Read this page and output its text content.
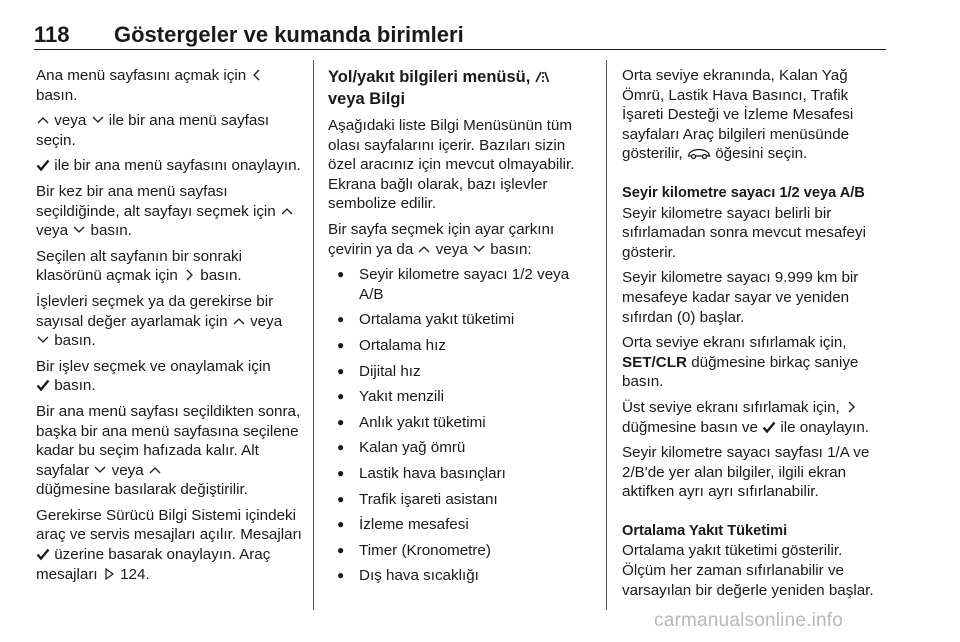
118 Göstergeler ve kumanda birimleri

Ana menü sayfasını açmak için

basın.

veya
ile bir ana menü sayfası seçin.

ile bir ana menü sayfasını onaylayın.

Bir kez bir ana menü sayfası seçildiğinde, alt sayfayı seçmek için
veya
basın.

Seçilen alt sayfanın bir sonraki klasörünü açmak için
basın.

İşlevleri seçmek ya da gerekirse bir sayısal değer ayarlamak için
veya

basın.

Bir işlev seçmek ve onaylamak için

basın.

Bir ana menü sayfası seçildikten sonra, başka bir ana menü sayfasına seçilene kadar bu seçim hafızada kalır. Alt sayfalar
veya

düğmesine basılarak değiştirilir.

Gerekirse Sürücü Bilgi Sistemi içindeki araç ve servis mesajları açılır. Mesajları
üzerine basarak onaylayın. Araç mesajları
124.

Yol/yakıt bilgileri menüsü,

veya Bilgi

Aşağıdaki liste Bilgi Menüsünün tüm olası sayfalarını içerir. Bazıları sizin özel aracınız için mevcut olmayabilir. Ekrana bağlı olarak, bazı işlevler sembolize edilir.

Bir sayfa seçmek için ayar çarkını çevirin ya da
veya
basın:

● Seyir kilometre sayacı 1/2 veya A/B
● Ortalama yakıt tüketimi
● Ortalama hız
● Dijital hız
● Yakıt menzili
● Anlık yakıt tüketimi
● Kalan yağ ömrü
● Lastik hava basınçları
● Trafik işareti asistanı
● İzleme mesafesi
● Timer (Kronometre)
● Dış hava sıcaklığı

Orta seviye ekranında, Kalan Yağ Ömrü, Lastik Hava Basıncı, Trafik İşareti Desteği ve İzleme Mesafesi sayfaları Araç bilgileri menüsünde gösterilir,
öğesini seçin.

Seyir kilometre sayacı 1/2 veya A/B

Seyir kilometre sayacı belirli bir sıfırlamadan sonra mevcut mesafeyi gösterir.

Seyir kilometre sayacı 9.999 km bir mesafeye kadar sayar ve yeniden sıfırdan (0) başlar.

Orta seviye ekranı sıfırlamak için,
SET/CLR düğmesine birkaç saniye basın.

Üst seviye ekranı sıfırlamak için,

düğmesine basın ve
ile onaylayın.

Seyir kilometre sayacı sayfası 1/A ve 2/B'de yer alan bilgiler, ilgili ekran aktifken ayrı ayrı sıfırlanabilir.

Ortalama Yakıt Tüketimi

Ortalama yakıt tüketimi gösterilir. Ölçüm her zaman sıfırlanabilir ve varsayılan bir değerle yeniden başlar.

carmanualsonline.info
